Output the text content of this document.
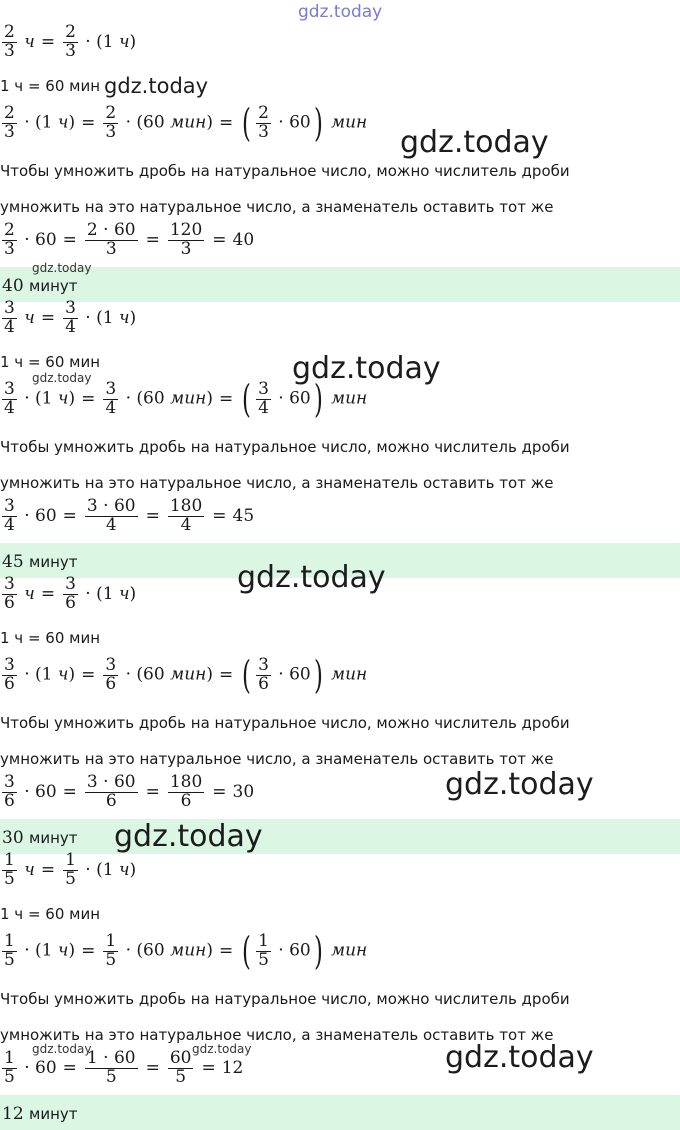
$\frac{2}{3}$ $ч = \frac{2}{3} \cdot (1$ ч)
1 ч = 60 мин
$\frac{2}{3} \cdot (1$ $ч) = \frac{2}{3} \cdot (60$ мин) = ( $\frac{2}{3} \cdot 60$) мин
Чтобы умножить дробь на натуральное число, можно числитель дроби
умножить на это натуральное число, а знаменатель оставить тот же
$\frac{2}{3} \cdot 60 = \frac{2 \cdot 60}{3} = \frac{120}{3} = 40$
40 минут
$\frac{3}{4}$ $ч = \frac{3}{4} \cdot (1$ ч)
1 ч = 60 мин
$\frac{3}{4} \cdot (1$ $ч) = \frac{3}{4} \cdot (60$ мин) = ( $\frac{3}{4} \cdot 60$) мин
Чтобы умножить дробь на натуральное число, можно числитель дроби
умножить на это натуральное число, а знаменатель оставить тот же
$\frac{3}{4} \cdot 60 = \frac{3 \cdot 60}{4} = \frac{180}{4} = 45$
45 минут
$\frac{3}{6}$ $ч = \frac{3}{6} \cdot (1$ ч)
1 ч = 60 мин
$\frac{3}{6} \cdot (1$ $ч) = \frac{3}{6} \cdot (60$ мин) = ( $\frac{3}{6} \cdot 60$) мин
Чтобы умножить дробь на натуральное число, можно числитель дроби
умножить на это натуральное число, а знаменатель оставить тот же
$\frac{3}{6} \cdot 60 = \frac{3 \cdot 60}{6} = \frac{180}{6} = 30$
30 минут
$\frac{1}{5}$ $ч = \frac{1}{5} \cdot (1$ ч)
1 ч = 60 мин
$\frac{1}{5} \cdot (1$ $ч) = \frac{1}{5} \cdot (60$ мин) = ( $\frac{1}{5} \cdot 60$) мин
Чтобы умножить дробь на натуральное число, можно числитель дроби
умножить на это натуральное число, а знаменатель оставить тот же
$\frac{1}{5} \cdot 60 = \frac{1 \cdot 60}{5} = \frac{60}{5} = 12$
12 минут
gdz.today
gdz.today
gdz.today
gdz.today
gdz.today
gdz.today
gdz.today
gdz.today
gdz.today
gdz.today	gdz.today	gdz.today
